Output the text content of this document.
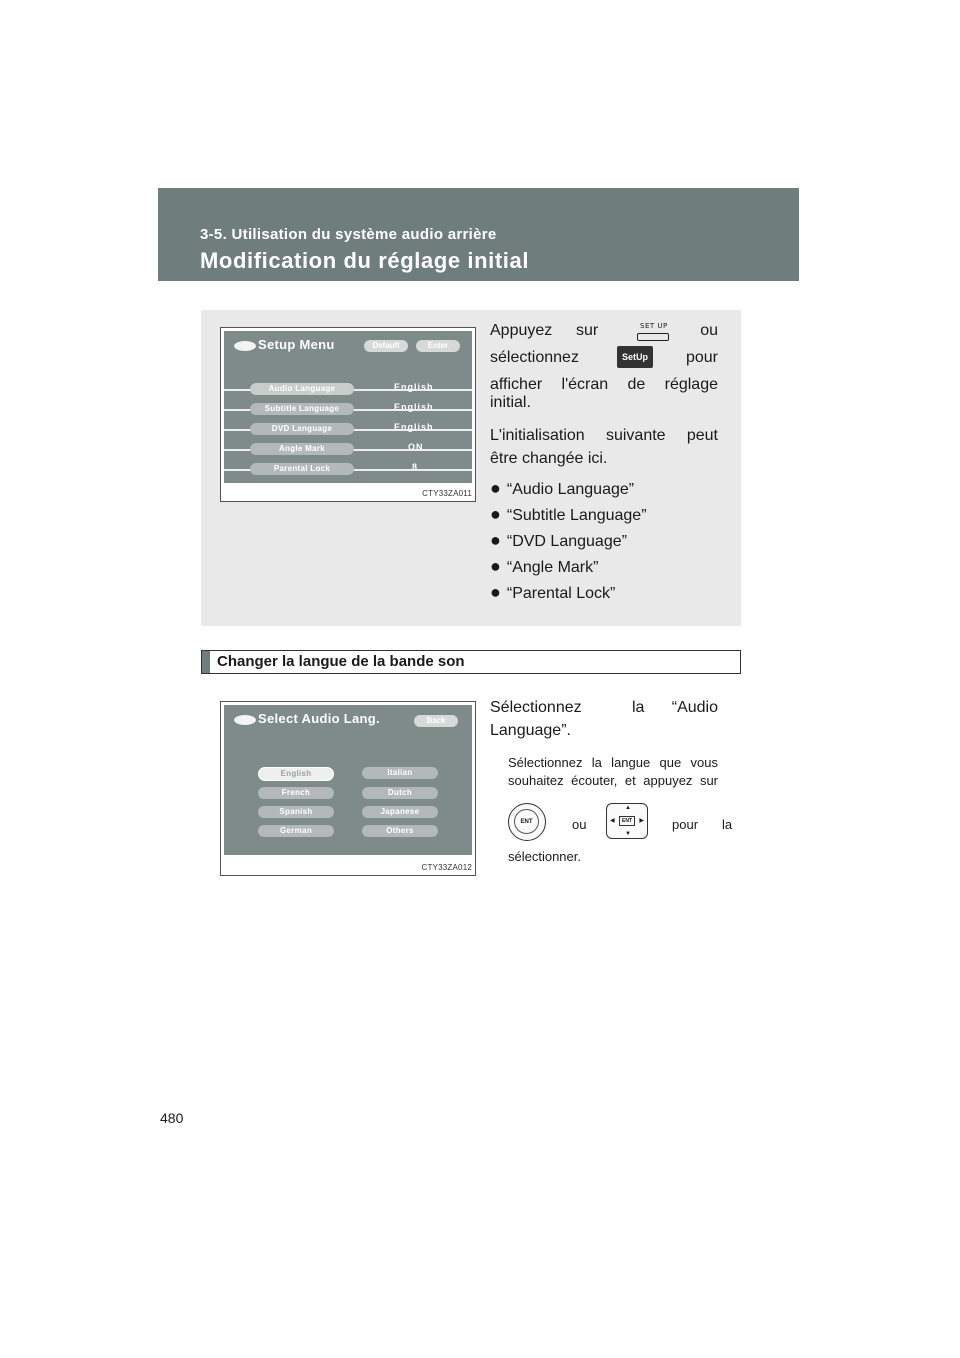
3-5. Utilisation du système audio arrière
Modification du réglage initial
Setup Menu	Default	Enter
Audio Language	English
Subtitle Language	English
DVD Language	English
Angle Mark	ON
Parental Lock	8
CTY33ZA011
Appuyez sur	ou
SET UP
sélectionnez	pour
SetUp
afficher l'écran de réglage
initial.
L'initialisation suivante peut
être changée ici.
● “Audio Language”
● “Subtitle Language”
● “DVD Language”
● “Angle Mark”
● “Parental Lock”
Changer la langue de la bande son
Select Audio Lang.	Back
English
French
Spanish
German
Italian
Dutch
Japanese
Others
CTY33ZA012
Sélectionnez	la “Audio
Language”.
Sélectionnez la langue que vous
souhaitez écouter, et appuyez sur
ENT	ou
▲
▼
◀	▶
ENT	pour la
sélectionner.
480
